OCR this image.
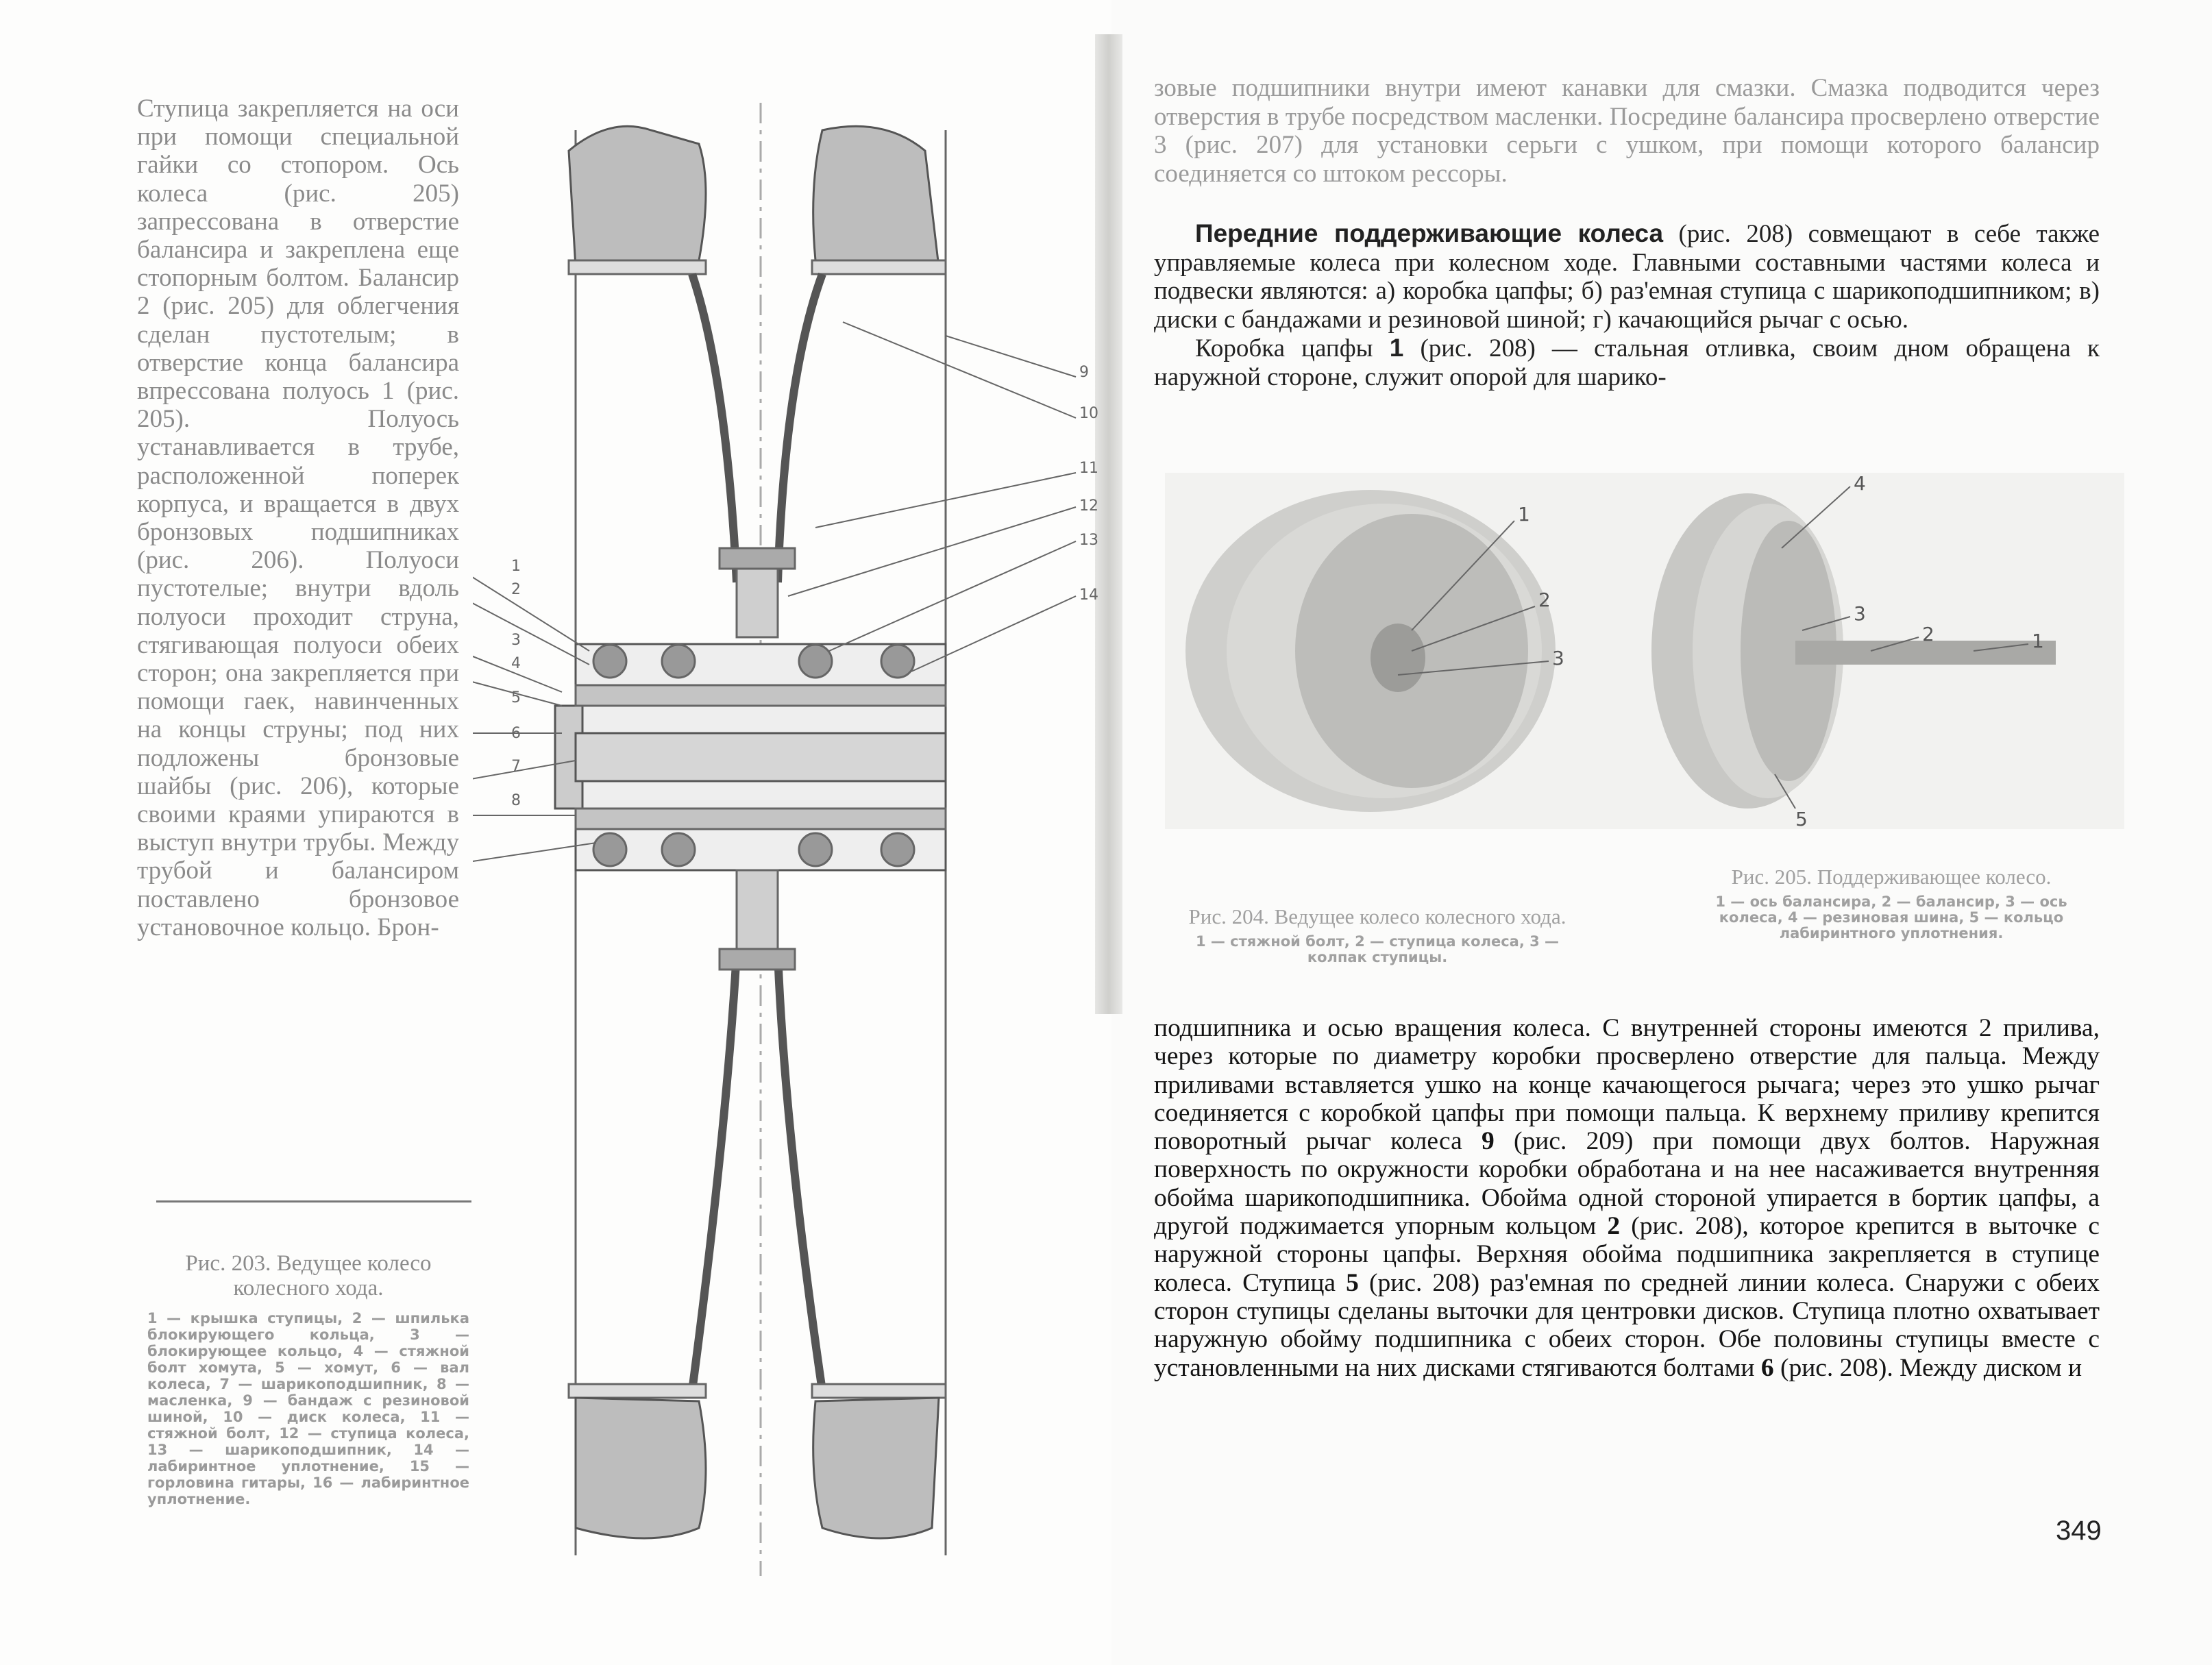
Ступица закрепляется на оси при помощи специальной гайки со стопором. Ось колеса (рис. 205) запрессована в отверстие балансира и закреплена еще стопорным болтом. Балансир 2 (рис. 205) для облегчения сделан пустотелым; в отверстие конца балансира впрессована полуось 1 (рис. 205). Полуось устанавливается в трубе, расположенной поперек корпуса, и вращается в двух бронзовых подшипниках (рис. 206). Полуоси пустотелые; внутри вдоль полуоси проходит струна, стягивающая полуоси обеих сторон; она закрепляется при помощи гаек, навинченных на концы струны; под них подложены бронзовые шайбы (рис. 206), которые своими краями упираются в выступ внутри трубы. Между трубой и балансиром поставлено бронзовое установочное кольцо. Брон-

Рис. 203. Ведущее колесо колесного хода.
1 — крышка ступицы, 2 — шпилька блокирующего кольца, 3 — блокирующее кольцо, 4 — стяжной болт хомута, 5 — хомут, 6 — вал колеса, 7 — шарикоподшипник, 8 — масленка, 9 — бандаж с резиновой шиной, 10 — диск колеса, 11 — стяжной болт, 12 — ступица колеса, 13 — шарикоподшипник, 14 — лабиринтное уплотнение, 15 — горловина гитары, 16 — лабиринтное уплотнение.
9
10
11
12
13
14
1
2
3
4
5
6
7
8

зовые подшипники внутри имеют канавки для смазки. Смазка подводится через отверстия в трубе посредством масленки. Посредине балансира просверлено отверстие 3 (рис. 207) для установки серьги с ушком, при помощи которого балансир соединяется со штоком рессоры.

Передние поддерживающие колеса (рис. 208) совмещают в себе также управляемые колеса при колесном ходе. Главными составными частями колеса и подвески являются: а) коробка цапфы; б) раз'емная ступица с шарикоподшипником; в) диски с бандажами и резиновой шиной; г) качающийся рычаг с осью.

Коробка цапфы 1 (рис. 208) — стальная отливка, своим дном обращена к наружной стороне, служит опорой для шарико-

1
2
3
4
3
2	1
5
Рис. 204. Ведущее колесо колесного хода.
1 — стяжной болт, 2 — ступица колеса, 3 — колпак ступицы.
Рис. 205. Поддерживающее колесо.
1 — ось балансира, 2 — балансир, 3 — ось колеса, 4 — резиновая шина, 5 — кольцо лабиринтного уплотнения.

подшипника и осью вращения колеса. С внутренней стороны имеются 2 прилива, через которые по диаметру коробки просверлено отверстие для пальца. Между приливами вставляется ушко на конце качающегося рычага; через это ушко рычаг соединяется с коробкой цапфы при помощи пальца. К верхнему приливу крепится поворотный рычаг колеса 9 (рис. 209) при помощи двух болтов. Наружная поверхность по окружности коробки обработана и на нее насаживается внутренняя обойма шарикоподшипника. Обойма одной стороной упирается в бортик цапфы, а другой поджимается упорным кольцом 2 (рис. 208), которое крепится в выточке с наружной стороны цапфы. Верхняя обойма подшипника закрепляется в ступице колеса. Ступица 5 (рис. 208) раз'емная по средней линии колеса. Снаружи с обеих сторон ступицы сделаны выточки для центровки дисков. Ступица плотно охватывает наружную обойму подшипника с обеих сторон. Обе половины ступицы вместе с установленными на них дисками стягиваются болтами 6 (рис. 208). Между диском и

349
